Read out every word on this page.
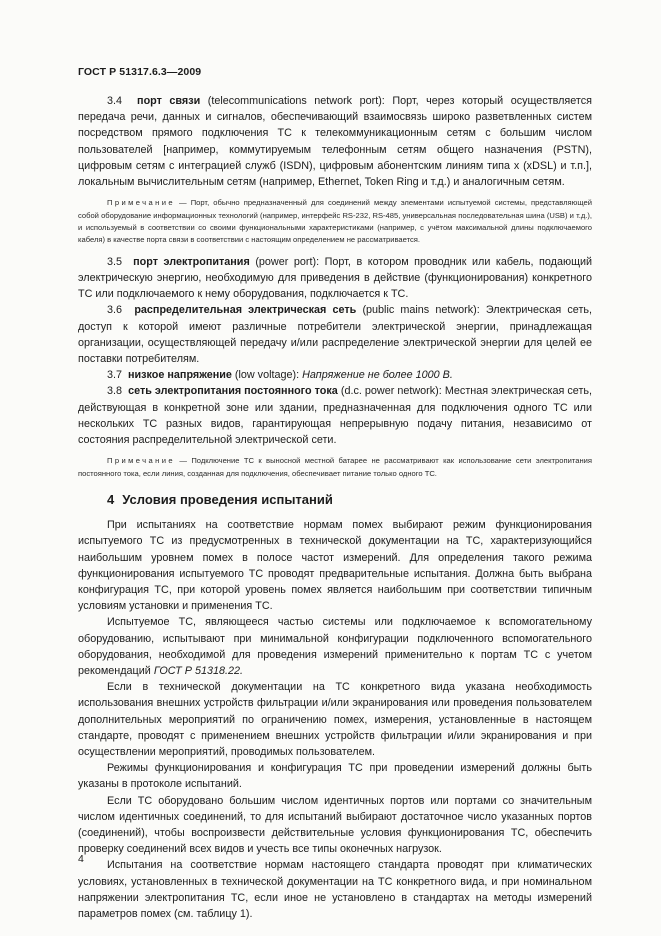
ГОСТ Р 51317.6.3—2009

3.4 порт связи (telecommunications network port): Порт, через который осуществляется передача речи, данных и сигналов, обеспечивающий взаимосвязь широко разветвленных систем посредством прямого подключения ТС к телекоммуникационным сетям с большим числом пользователей [например, коммутируемым телефонным сетям общего назначения (PSTN), цифровым сетям с интеграцией служб (ISDN), цифровым абонентским линиям типа x (xDSL) и т.п.], локальным вычислительным сетям (например, Ethernet, Token Ring и т.д.) и аналогичным сетям.

Примечание — Порт, обычно предназначенный для соединений между элементами испытуемой системы, представляющей собой оборудование информационных технологий (например, интерфейс RS-232, RS-485, универсальная последовательная шина (USB) и т.д.), и используемый в соответствии со своими функциональными характеристиками (например, с учётом максимальной длины подключаемого кабеля) в качестве порта связи в соответствии с настоящим определением не рассматривается.

3.5 порт электропитания (power port): Порт, в котором проводник или кабель, подающий электрическую энергию, необходимую для приведения в действие (функционирования) конкретного ТС или подключаемого к нему оборудования, подключается к ТС.

3.6 распределительная электрическая сеть (public mains network): Электрическая сеть, доступ к которой имеют различные потребители электрической энергии, принадлежащая организации, осуществляющей передачу и/или распределение электрической энергии для целей ее поставки потребителям.

3.7 низкое напряжение (low voltage): Напряжение не более 1000 В.

3.8 сеть электропитания постоянного тока (d.c. power network): Местная электрическая сеть, действующая в конкретной зоне или здании, предназначенная для подключения одного ТС или нескольких ТС разных видов, гарантирующая непрерывную подачу питания, независимо от состояния распределительной электрической сети.

Примечание — Подключение ТС к выносной местной батарее не рассматривают как использование сети электропитания постоянного тока, если линия, созданная для подключения, обеспечивает питание только одного ТС.

4 Условия проведения испытаний

При испытаниях на соответствие нормам помех выбирают режим функционирования испытуемого ТС из предусмотренных в технической документации на ТС, характеризующийся наибольшим уровнем помех в полосе частот измерений. Для определения такого режима функционирования испытуемого ТС проводят предварительные испытания. Должна быть выбрана конфигурация ТС, при которой уровень помех является наибольшим при соответствии типичным условиям установки и применения ТС.

Испытуемое ТС, являющееся частью системы или подключаемое к вспомогательному оборудованию, испытывают при минимальной конфигурации подключенного вспомогательного оборудования, необходимой для проведения измерений применительно к портам ТС с учетом рекомендаций ГОСТ Р 51318.22.

Если в технической документации на ТС конкретного вида указана необходимость использования внешних устройств фильтрации и/или экранирования или проведения пользователем дополнительных мероприятий по ограничению помех, измерения, установленные в настоящем стандарте, проводят с применением внешних устройств фильтрации и/или экранирования и при осуществлении мероприятий, проводимых пользователем.

Режимы функционирования и конфигурация ТС при проведении измерений должны быть указаны в протоколе испытаний.

Если ТС оборудовано большим числом идентичных портов или портами со значительным числом идентичных соединений, то для испытаний выбирают достаточное число указанных портов (соединений), чтобы воспроизвести действительные условия функционирования ТС, обеспечить проверку соединений всех видов и учесть все типы оконечных нагрузок.

Испытания на соответствие нормам настоящего стандарта проводят при климатических условиях, установленных в технической документации на ТС конкретного вида, и при номинальном напряжении электропитания ТС, если иное не установлено в стандартах на методы измерений параметров помех (см. таблицу 1).

4
